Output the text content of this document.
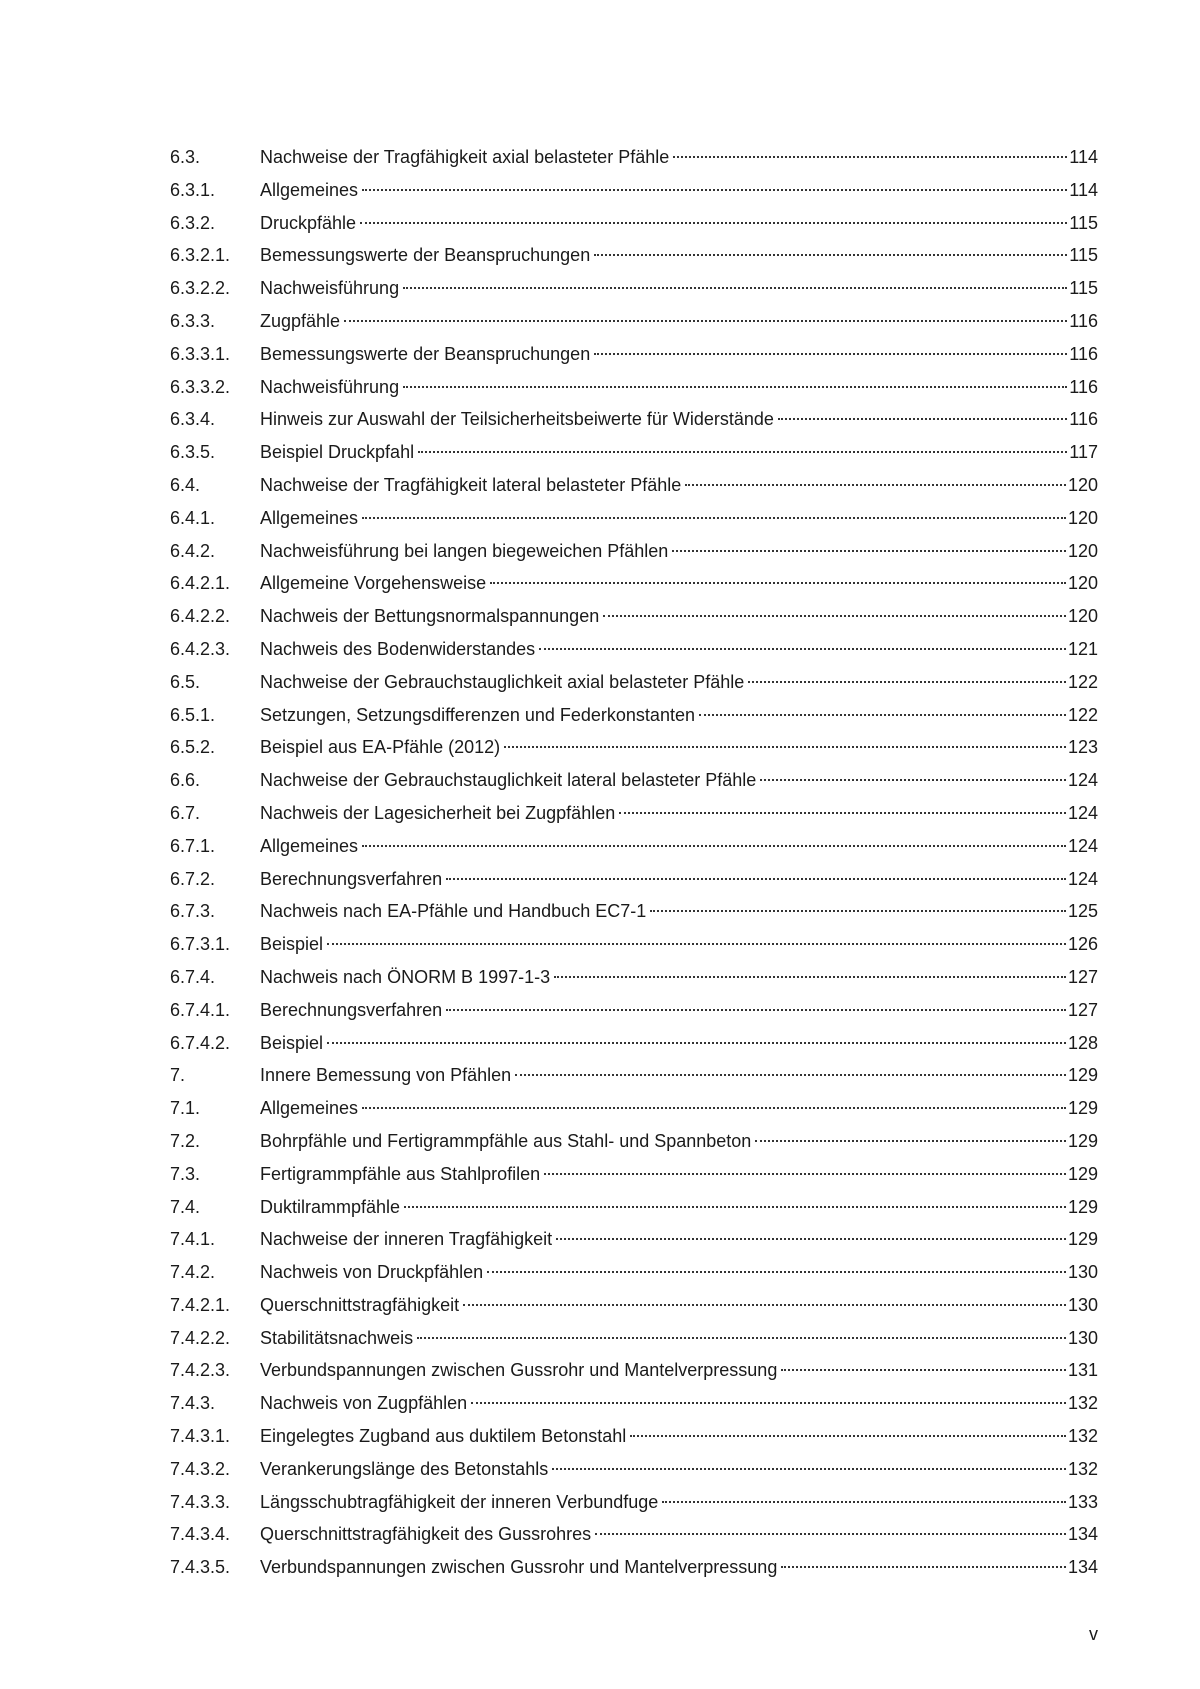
6.3.	Nachweise der Tragfähigkeit axial belasteter Pfähle	114
6.3.1.	Allgemeines	114
6.3.2.	Druckpfähle	115
6.3.2.1.	Bemessungswerte der Beanspruchungen	115
6.3.2.2.	Nachweisführung	115
6.3.3.	Zugpfähle	116
6.3.3.1.	Bemessungswerte der Beanspruchungen	116
6.3.3.2.	Nachweisführung	116
6.3.4.	Hinweis zur Auswahl der Teilsicherheitsbeiwerte für Widerstände	116
6.3.5.	Beispiel Druckpfahl	117
6.4.	Nachweise der Tragfähigkeit lateral belasteter Pfähle	120
6.4.1.	Allgemeines	120
6.4.2.	Nachweisführung bei langen biegeweichen Pfählen	120
6.4.2.1.	Allgemeine Vorgehensweise	120
6.4.2.2.	Nachweis der Bettungsnormalspannungen	120
6.4.2.3.	Nachweis des Bodenwiderstandes	121
6.5.	Nachweise der Gebrauchstauglichkeit axial belasteter Pfähle	122
6.5.1.	Setzungen, Setzungsdifferenzen und Federkonstanten	122
6.5.2.	Beispiel aus EA-Pfähle (2012)	123
6.6.	Nachweise der Gebrauchstauglichkeit lateral belasteter Pfähle	124
6.7.	Nachweis der Lagesicherheit bei Zugpfählen	124
6.7.1.	Allgemeines	124
6.7.2.	Berechnungsverfahren	124
6.7.3.	Nachweis nach EA-Pfähle und Handbuch EC7-1	125
6.7.3.1.	Beispiel	126
6.7.4.	Nachweis nach ÖNORM B 1997-1-3	127
6.7.4.1.	Berechnungsverfahren	127
6.7.4.2.	Beispiel	128
7.	Innere Bemessung von Pfählen	129
7.1.	Allgemeines	129
7.2.	Bohrpfähle und Fertigrammpfähle aus Stahl- und Spannbeton	129
7.3.	Fertigrammpfähle aus Stahlprofilen	129
7.4.	Duktilrammpfähle	129
7.4.1.	Nachweise der inneren Tragfähigkeit	129
7.4.2.	Nachweis von Druckpfählen	130
7.4.2.1.	Querschnittstragfähigkeit	130
7.4.2.2.	Stabilitätsnachweis	130
7.4.2.3.	Verbundspannungen zwischen Gussrohr und Mantelverpressung	131
7.4.3.	Nachweis von Zugpfählen	132
7.4.3.1.	Eingelegtes Zugband aus duktilem Betonstahl	132
7.4.3.2.	Verankerungslänge des Betonstahls	132
7.4.3.3.	Längsschubtragfähigkeit der inneren Verbundfuge	133
7.4.3.4.	Querschnittstragfähigkeit des Gussrohres	134
7.4.3.5.	Verbundspannungen zwischen Gussrohr und Mantelverpressung	134
v
